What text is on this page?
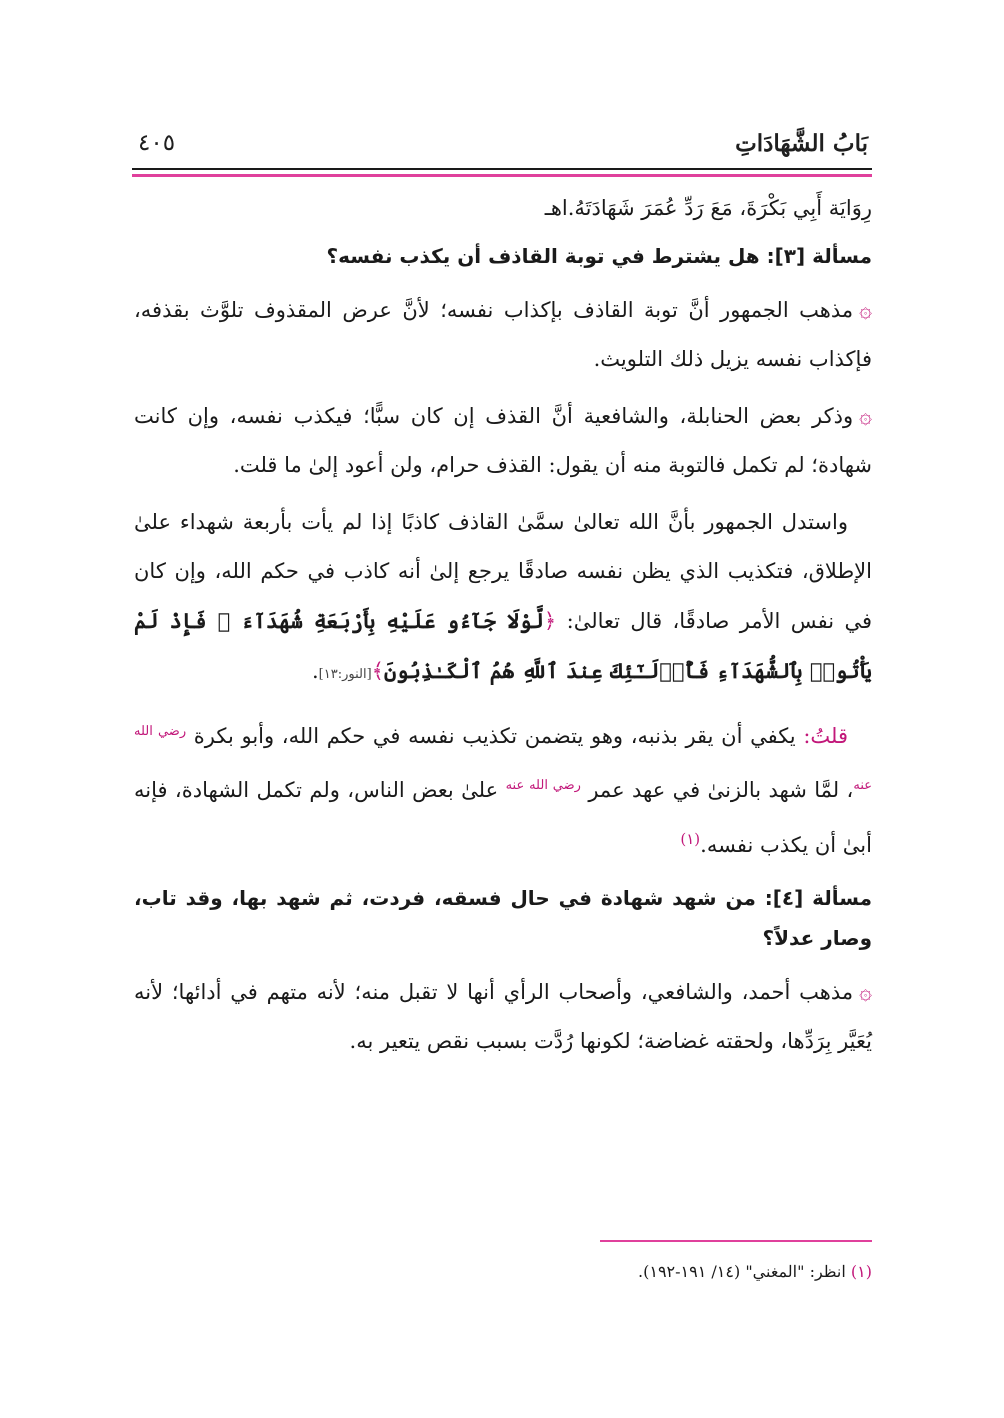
بَابُ الشَّهَادَاتِ
٤٠٥

رِوَايَة أَبِي بَكْرَةَ، مَعَ رَدِّ عُمَرَ شَهَادَتَهُ.اهـ

مسألة [٣]: هل يشترط في توبة القاذف أن يكذب نفسه؟

۞مذهب الجمهور أنَّ توبة القاذف بإكذاب نفسه؛ لأنَّ عرض المقذوف تلوَّث بقذفه، فإكذاب نفسه يزيل ذلك التلويث.

۞وذكر بعض الحنابلة، والشافعية أنَّ القذف إن كان سبًّا؛ فيكذب نفسه، وإن كانت شهادة؛ لم تكمل فالتوبة منه أن يقول: القذف حرام، ولن أعود إلىٰ ما قلت.

واستدل الجمهور بأنَّ الله تعالىٰ سمَّىٰ القاذف كاذبًا إذا لم يأت بأربعة شهداء علىٰ الإطلاق، فتكذيب الذي يظن نفسه صادقًا يرجع إلىٰ أنه كاذب في حكم الله، وإن كان في نفس الأمر صادقًا، قال تعالىٰ: ﴿لَّوْلَا جَآءُو عَلَيْهِ بِأَرْبَعَةِ شُهَدَآءَ ۚ فَإِذْ لَمْ يَأْتُوا۟ بِٱلشُّهَدَآءِ فَأُو۟لَـٰٓئِكَ عِندَ ٱللَّهِ هُمُ ٱلْكَـٰذِبُونَ﴾[النور:١٣].

قلتُ: يكفي أن يقر بذنبه، وهو يتضمن تكذيب نفسه في حكم الله، وأبو بكرة $^{رضي الله عنه}$، لمَّا شهد بالزنىٰ في عهد عمر $^{رضي الله عنه}$ علىٰ بعض الناس، ولم تكمل الشهادة، فإنه أبىٰ أن يكذب نفسه.$^{(١)}$

مسألة [٤]: من شهد شهادة في حال فسقه، فردت، ثم شهد بها، وقد تاب، وصار عدلاً؟

۞مذهب أحمد، والشافعي، وأصحاب الرأي أنها لا تقبل منه؛ لأنه متهم في أدائها؛ لأنه يُعَيَّر بِرَدِّها، ولحقته غضاضة؛ لكونها رُدَّت بسبب نقص يتعير به.

(١) انظر: "المغني" (١٤/ ١٩١-١٩٢).
